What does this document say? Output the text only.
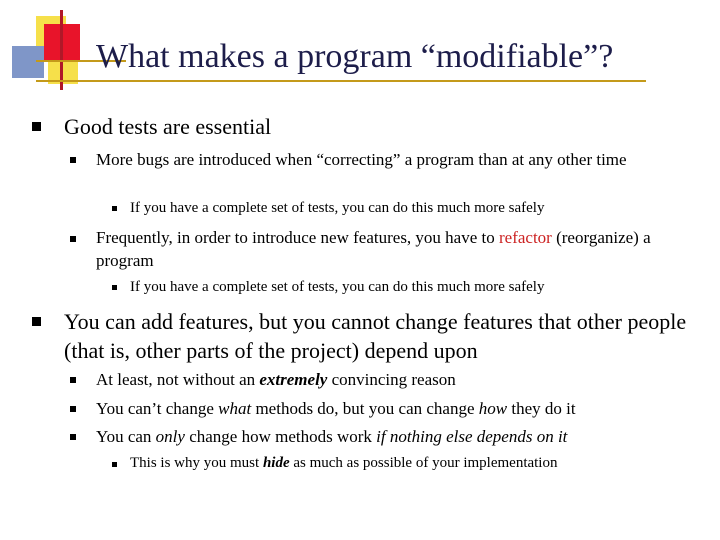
What makes a program “modifiable”?
Good tests are essential
More bugs are introduced when “correcting” a program than at any other time
If you have a complete set of tests, you can do this much more safely
Frequently, in order to introduce new features, you have to refactor (reorganize) a program
If you have a complete set of tests, you can do this much more safely
You can add features, but you cannot change features that other people (that is, other parts of the project) depend upon
At least, not without an extremely convincing reason
You can’t change what methods do, but you can change how they do it
You can only change how methods work if nothing else depends on it
This is why you must hide as much as possible of your implementation
